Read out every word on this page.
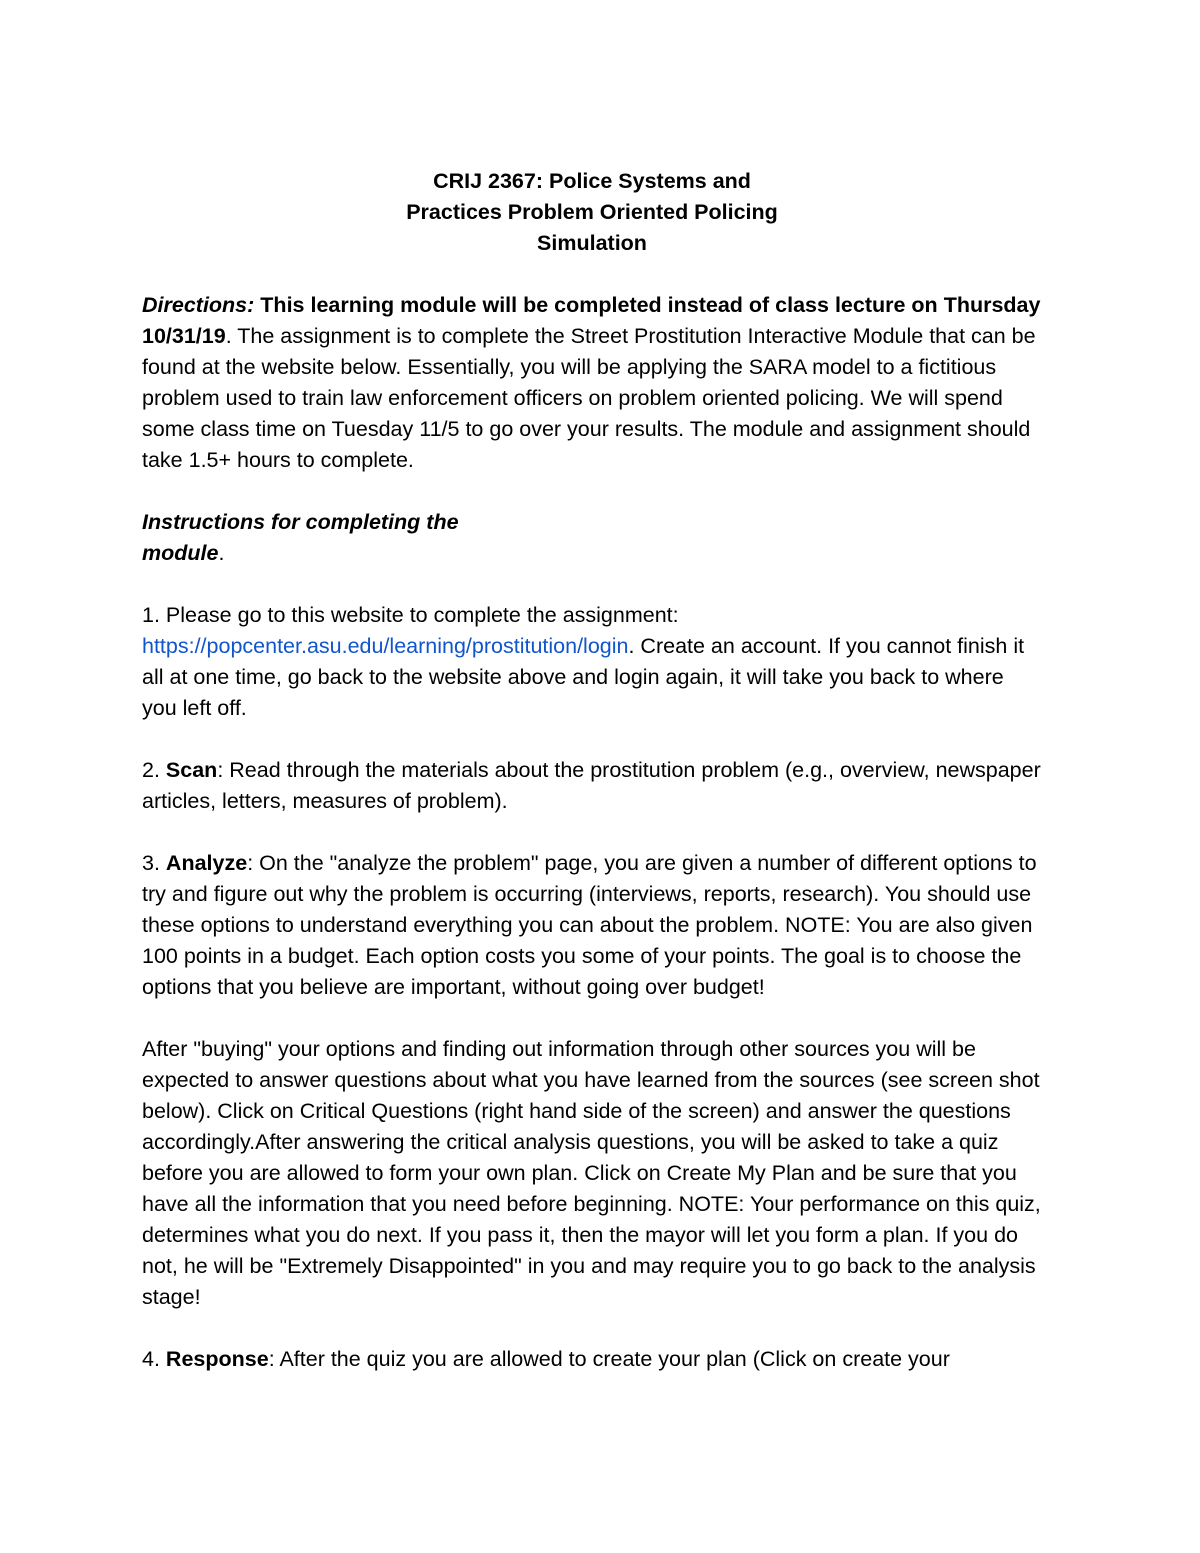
CRIJ 2367: Police Systems and
Practices Problem Oriented Policing
Simulation

Directions: This learning module will be completed instead of class lecture on Thursday 10/31/19. The assignment is to complete the Street Prostitution Interactive Module that can be found at the website below. Essentially, you will be applying the SARA model to a fictitious problem used to train law enforcement officers on problem oriented policing. We will spend some class time on Tuesday 11/5 to go over your results. The module and assignment should take 1.5+ hours to complete.

Instructions for completing the
module.

1. Please go to this website to complete the assignment:
https://popcenter.asu.edu/learning/prostitution/login. Create an account. If you cannot finish it all at one time, go back to the website above and login again, it will take you back to where you left off.

2. Scan: Read through the materials about the prostitution problem (e.g., overview, newspaper articles, letters, measures of problem).

3. Analyze: On the "analyze the problem" page, you are given a number of different options to try and figure out why the problem is occurring (interviews, reports, research). You should use these options to understand everything you can about the problem. NOTE: You are also given 100 points in a budget. Each option costs you some of your points. The goal is to choose the options that you believe are important, without going over budget!

After "buying" your options and finding out information through other sources you will be expected to answer questions about what you have learned from the sources (see screen shot below). Click on Critical Questions (right hand side of the screen) and answer the questions accordingly.After answering the critical analysis questions, you will be asked to take a quiz before you are allowed to form your own plan. Click on Create My Plan and be sure that you have all the information that you need before beginning. NOTE: Your performance on this quiz, determines what you do next. If you pass it, then the mayor will let you form a plan. If you do not, he will be "Extremely Disappointed" in you and may require you to go back to the analysis stage!

4. Response: After the quiz you are allowed to create your plan (Click on create your
